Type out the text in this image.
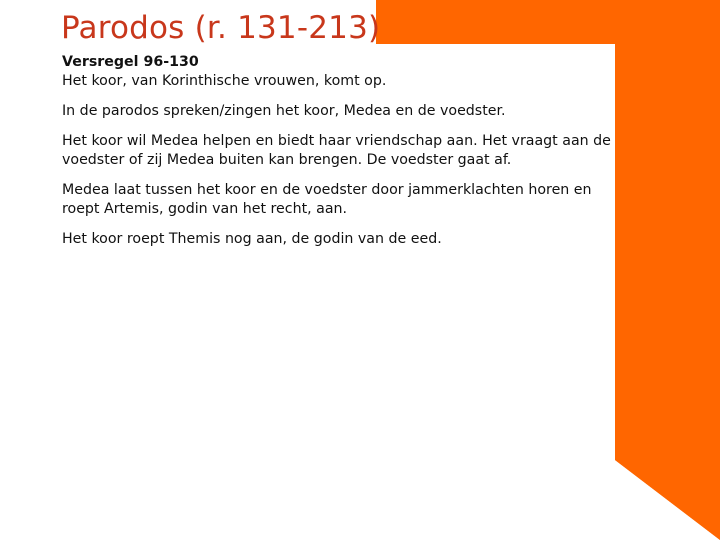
Parodos (r. 131-213)

Versregel 96-130

Het koor, van Korinthische vrouwen, komt op.

In de parodos spreken/zingen het koor, Medea en de voedster.

Het koor wil Medea helpen en biedt haar vriendschap aan. Het vraagt aan de voedster of zij Medea buiten kan brengen. De voedster gaat af.

Medea laat tussen het koor en de voedster door jammerklachten horen en roept Artemis, godin van het recht, aan.

Het koor roept Themis nog aan, de godin van de eed.
